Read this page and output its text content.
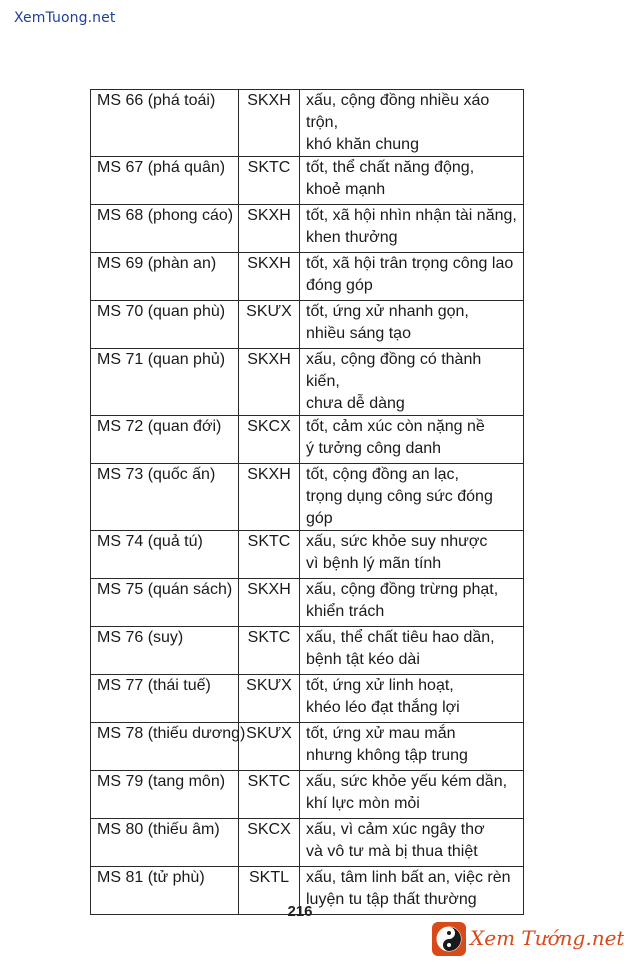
XemTuong.net
MS 66 (phá toái)	SKXH	xấu, cộng đồng nhiều xáo trộn,
khó khăn chung

MS 67 (phá quân)	SKTC	tốt, thể chất năng động,
khoẻ mạnh

MS 68 (phong cáo)	SKXH	tốt, xã hội nhìn nhận tài năng,
khen thưởng

MS 69 (phàn an)	SKXH	tốt, xã hội trân trọng công lao
đóng góp

MS 70 (quan phù)	SKƯX	tốt, ứng xử nhanh gọn,
nhiều sáng tạo

MS 71 (quan phủ)	SKXH	xấu, cộng đồng có thành kiến,
chưa dễ dàng

MS 72 (quan đới)	SKCX	tốt, cảm xúc còn nặng nề
ý tưởng công danh

MS 73 (quốc ấn)	SKXH	tốt, cộng đồng an lạc,
trọng dụng công sức đóng góp

MS 74 (quả tú)	SKTC	xấu, sức khỏe suy nhược
vì bệnh lý mãn tính

MS 75 (quán sách)	SKXH	xấu, cộng đồng trừng phạt,
khiển trách

MS 76 (suy)	SKTC	xấu, thể chất tiêu hao dần,
bệnh tật kéo dài

MS 77 (thái tuế)	SKƯX	tốt, ứng xử linh hoạt,
khéo léo đạt thắng lợi

MS 78 (thiếu dương)	SKƯX	tốt, ứng xử mau mắn
nhưng không tập trung

MS 79 (tang môn)	SKTC	xấu, sức khỏe yếu kém dần,
khí lực mòn mỏi

MS 80 (thiếu âm)	SKCX	xấu, vì cảm xúc ngây thơ
và vô tư mà bị thua thiệt

MS 81 (tử phù)	SKTL	xấu, tâm linh bất an, việc rèn
luyện tu tập thất thường
216
Xem Tướng.net
